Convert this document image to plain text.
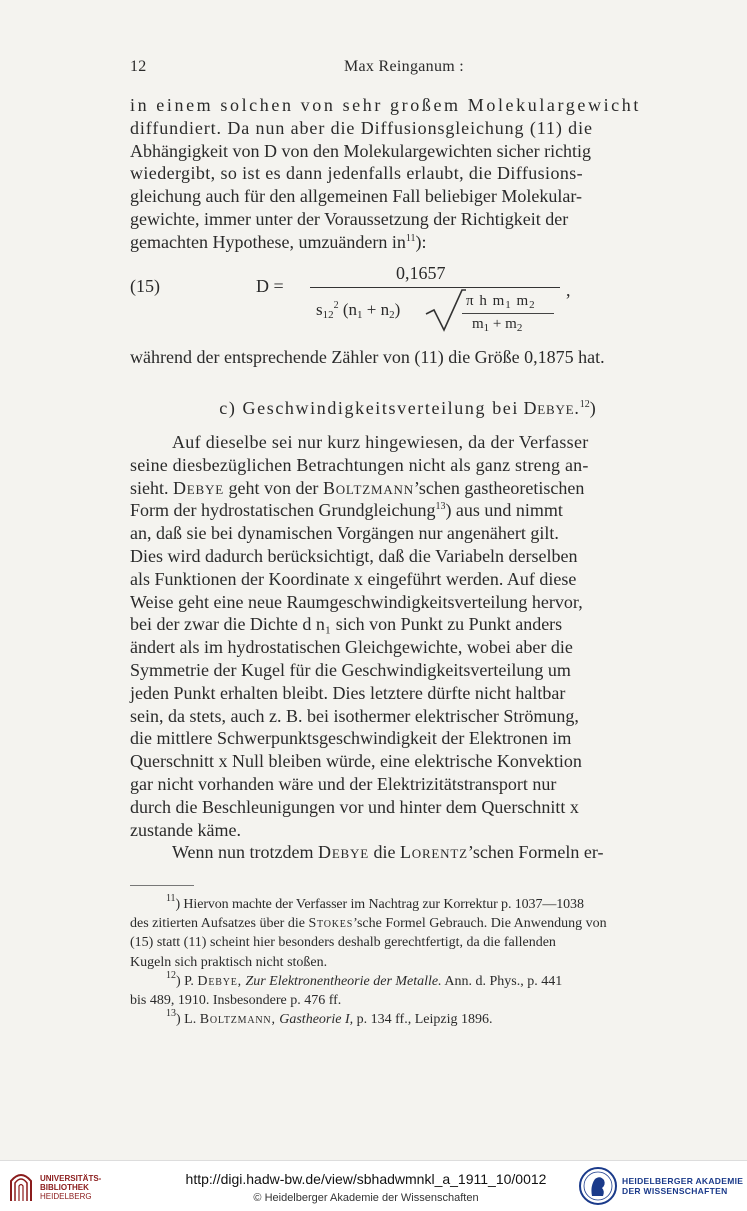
12	Max Reinganum :

in einem solchen von sehr großem Molekulargewicht

diffundiert. Da nun aber die Diffusionsgleichung (11) die

Abhängigkeit von D von den Molekulargewichten sicher richtig

wiedergibt, so ist es dann jedenfalls erlaubt, die Diffusions-

gleichung auch für den allgemeinen Fall beliebiger Molekular-

gewichte, immer unter der Voraussetzung der Richtigkeit der

gemachten Hypothese, umzuändern $in^{11}$):

(15)	D =
0,1657
,
$s_{12}^2$ $(n_1 + n_2)$	π h $m_1$ $m_2$
$m_1 + m_2$

während der entsprechende Zähler von (11) die Größe 0,1875 hat.

c) Geschwindigkeitsverteilung bei Debye.$^{12}$)

Auf dieselbe sei nur kurz hingewiesen, da der Verfasser

seine diesbezüglichen Betrachtungen nicht als ganz streng an-

sieht. Debye geht von der Boltzmann’schen gastheoretischen

Form der hydrostatischen Grundgleichung$^{13}$) aus und nimmt

an, daß sie bei dynamischen Vorgängen nur angenähert gilt.

Dies wird dadurch berücksichtigt, daß die Variabeln derselben

als Funktionen der Koordinate x eingeführt werden. Auf diese

Weise geht eine neue Raumgeschwindigkeitsverteilung hervor,

bei der zwar die Dichte d n₁ sich von Punkt zu Punkt anders

ändert als im hydrostatischen Gleichgewichte, wobei aber die

Symmetrie der Kugel für die Geschwindigkeitsverteilung um

jeden Punkt erhalten bleibt. Dies letztere dürfte nicht haltbar

sein, da stets, auch z. B. bei isothermer elektrischer Strömung,

die mittlere Schwerpunktsgeschwindigkeit der Elektronen im

Querschnitt x Null bleiben würde, eine elektrische Konvektion

gar nicht vorhanden wäre und der Elektrizitätstransport nur

durch die Beschleunigungen vor und hinter dem Querschnitt x

zustande käme.

Wenn nun trotzdem Debye die Lorentz’schen Formeln er-

$^{11}$) Hiervon machte der Verfasser im Nachtrag zur Korrektur p. 1037—1038

des zitierten Aufsatzes über die Stokes’sche Formel Gebrauch. Die Anwendung von

(15) statt (11) scheint hier besonders deshalb gerechtfertigt, da die fallenden

Kugeln sich praktisch nicht stoßen.

$^{12}$) P. Debye, Zur Elektronentheorie der Metalle. Ann. d. Phys., p. 441

bis 489, 1910. Insbesondere p. 476 ff.

$^{13}$) L. Boltzmann, Gastheorie I, p. 134 ff., Leipzig 1896.

UNIVERSITÄTS-
BIBLIOTHEK
HEIDELBERG
http://digi.hadw-bw.de/view/sbhadwmnkl_a_1911_10/0012
© Heidelberger Akademie der Wissenschaften
HEIDELBERGER AKADEMIE
DER WISSENSCHAFTEN
